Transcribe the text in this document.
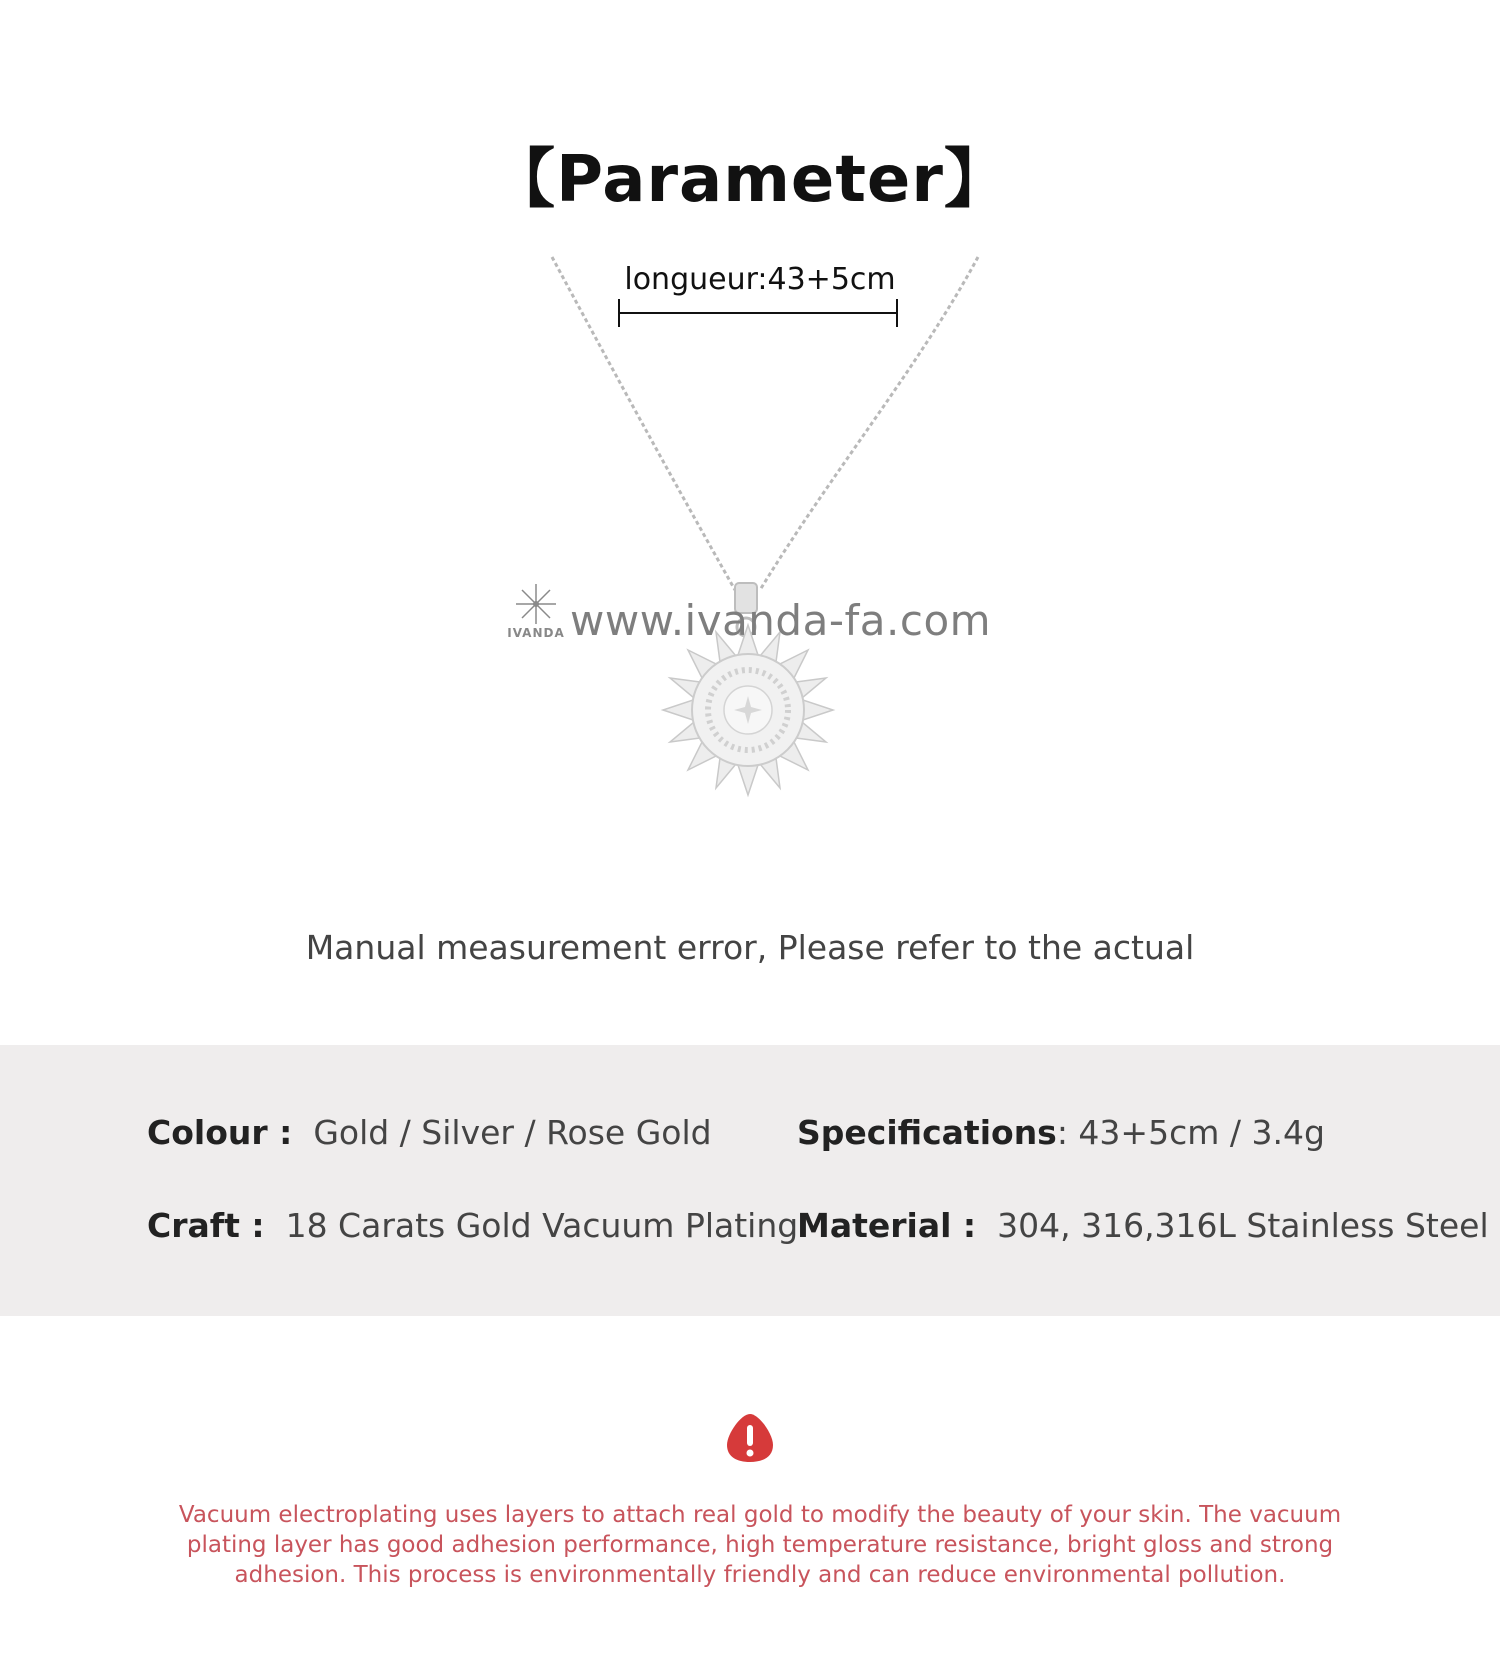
【Parameter】
longueur:43+5cm
IVANDA www.ivanda-fa.com
Manual measurement error, Please refer to the actual
Colour : Gold / Silver / Rose Gold	Specifications: 43+5cm / 3.4g
Craft : 18 Carats Gold Vacuum Plating
Material : 304, 316,316L Stainless Steel
Vacuum electroplating uses layers to attach real gold to modify the beauty of your skin. The vacuum plating layer has good adhesion performance, high temperature resistance, bright gloss and strong adhesion. This process is environmentally friendly and can reduce environmental pollution.
